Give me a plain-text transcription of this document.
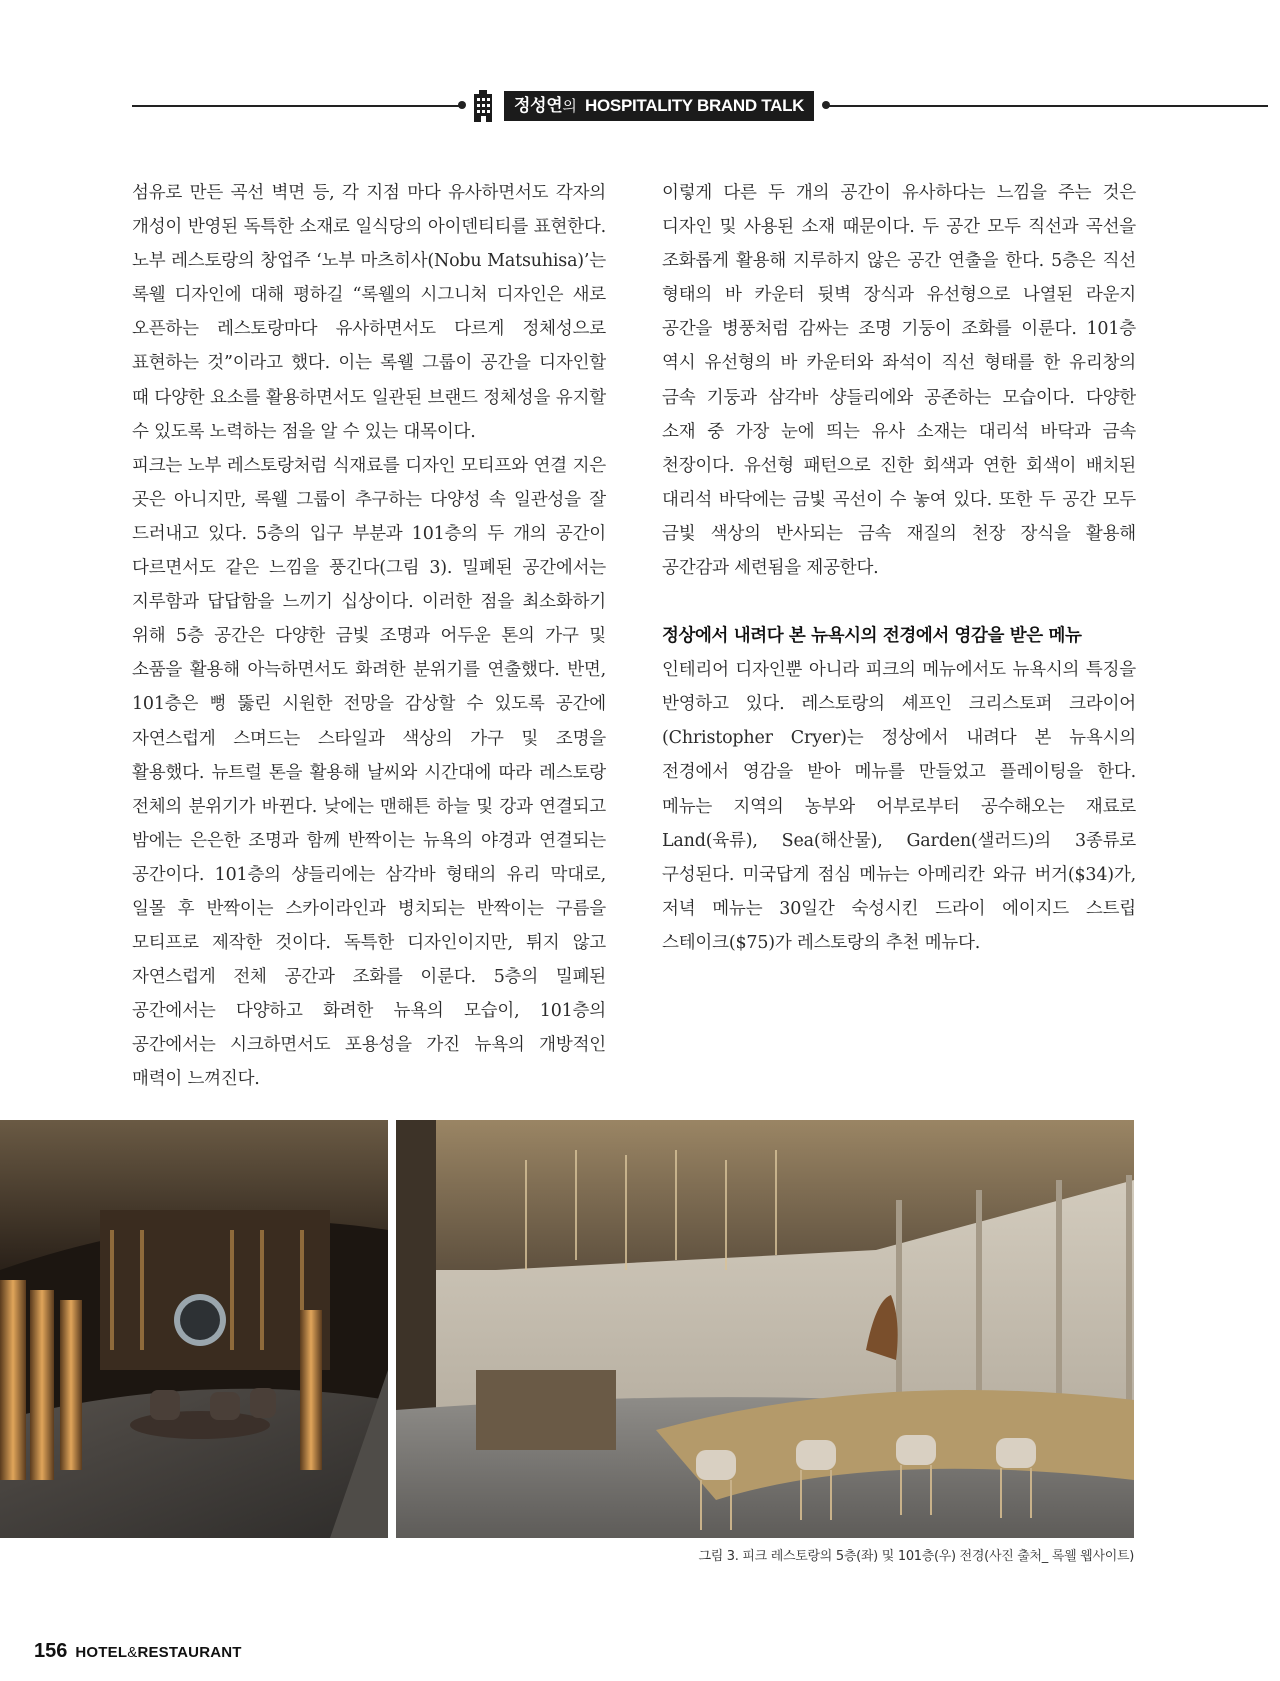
정성연의 HOSPITALITY BRAND TALK

섬유로 만든 곡선 벽면 등, 각 지점 마다 유사하면서도 각자의 개성이 반영된 독특한 소재로 일식당의 아이덴티티를 표현한다. 노부 레스토랑의 창업주 ‘노부 마츠히사(Nobu Matsuhisa)’는 록웰 디자인에 대해 평하길 “록웰의 시그니처 디자인은 새로 오픈하는 레스토랑마다 유사하면서도 다르게 정체성으로 표현하는 것”이라고 했다. 이는 록웰 그룹이 공간을 디자인할 때 다양한 요소를 활용하면서도 일관된 브랜드 정체성을 유지할 수 있도록 노력하는 점을 알 수 있는 대목이다.

피크는 노부 레스토랑처럼 식재료를 디자인 모티프와 연결 지은 곳은 아니지만, 록웰 그룹이 추구하는 다양성 속 일관성을 잘 드러내고 있다. 5층의 입구 부분과 101층의 두 개의 공간이 다르면서도 같은 느낌을 풍긴다(그림 3). 밀폐된 공간에서는 지루함과 답답함을 느끼기 십상이다. 이러한 점을 최소화하기 위해 5층 공간은 다양한 금빛 조명과 어두운 톤의 가구 및 소품을 활용해 아늑하면서도 화려한 분위기를 연출했다. 반면, 101층은 뻥 뚫린 시원한 전망을 감상할 수 있도록 공간에 자연스럽게 스며드는 스타일과 색상의 가구 및 조명을 활용했다. 뉴트럴 톤을 활용해 날씨와 시간대에 따라 레스토랑 전체의 분위기가 바뀐다. 낮에는 맨해튼 하늘 및 강과 연결되고 밤에는 은은한 조명과 함께 반짝이는 뉴욕의 야경과 연결되는 공간이다. 101층의 샹들리에는 삼각바 형태의 유리 막대로, 일몰 후 반짝이는 스카이라인과 병치되는 반짝이는 구름을 모티프로 제작한 것이다. 독특한 디자인이지만, 튀지 않고 자연스럽게 전체 공간과 조화를 이룬다. 5층의 밀폐된 공간에서는 다양하고 화려한 뉴욕의 모습이, 101층의 공간에서는 시크하면서도 포용성을 가진 뉴욕의 개방적인 매력이 느껴진다.

이렇게 다른 두 개의 공간이 유사하다는 느낌을 주는 것은 디자인 및 사용된 소재 때문이다. 두 공간 모두 직선과 곡선을 조화롭게 활용해 지루하지 않은 공간 연출을 한다. 5층은 직선 형태의 바 카운터 뒷벽 장식과 유선형으로 나열된 라운지 공간을 병풍처럼 감싸는 조명 기둥이 조화를 이룬다. 101층 역시 유선형의 바 카운터와 좌석이 직선 형태를 한 유리창의 금속 기둥과 삼각바 샹들리에와 공존하는 모습이다. 다양한 소재 중 가장 눈에 띄는 유사 소재는 대리석 바닥과 금속 천장이다. 유선형 패턴으로 진한 회색과 연한 회색이 배치된 대리석 바닥에는 금빛 곡선이 수 놓여 있다. 또한 두 공간 모두 금빛 색상의 반사되는 금속 재질의 천장 장식을 활용해 공간감과 세련됨을 제공한다.

정상에서 내려다 본 뉴욕시의 전경에서 영감을 받은 메뉴

인테리어 디자인뿐 아니라 피크의 메뉴에서도 뉴욕시의 특징을 반영하고 있다. 레스토랑의 셰프인 크리스토퍼 크라이어(Christopher Cryer)는 정상에서 내려다 본 뉴욕시의 전경에서 영감을 받아 메뉴를 만들었고 플레이팅을 한다. 메뉴는 지역의 농부와 어부로부터 공수해오는 재료로 Land(육류), Sea(해산물), Garden(샐러드)의 3종류로 구성된다. 미국답게 점심 메뉴는 아메리칸 와규 버거($34)가, 저녁 메뉴는 30일간 숙성시킨 드라이 에이지드 스트립 스테이크($75)가 레스토랑의 추천 메뉴다.

그림 3. 피크 레스토랑의 5층(좌) 및 101층(우) 전경(사진 출처_ 록웰 웹사이트)
156 HOTEL&RESTAURANT
